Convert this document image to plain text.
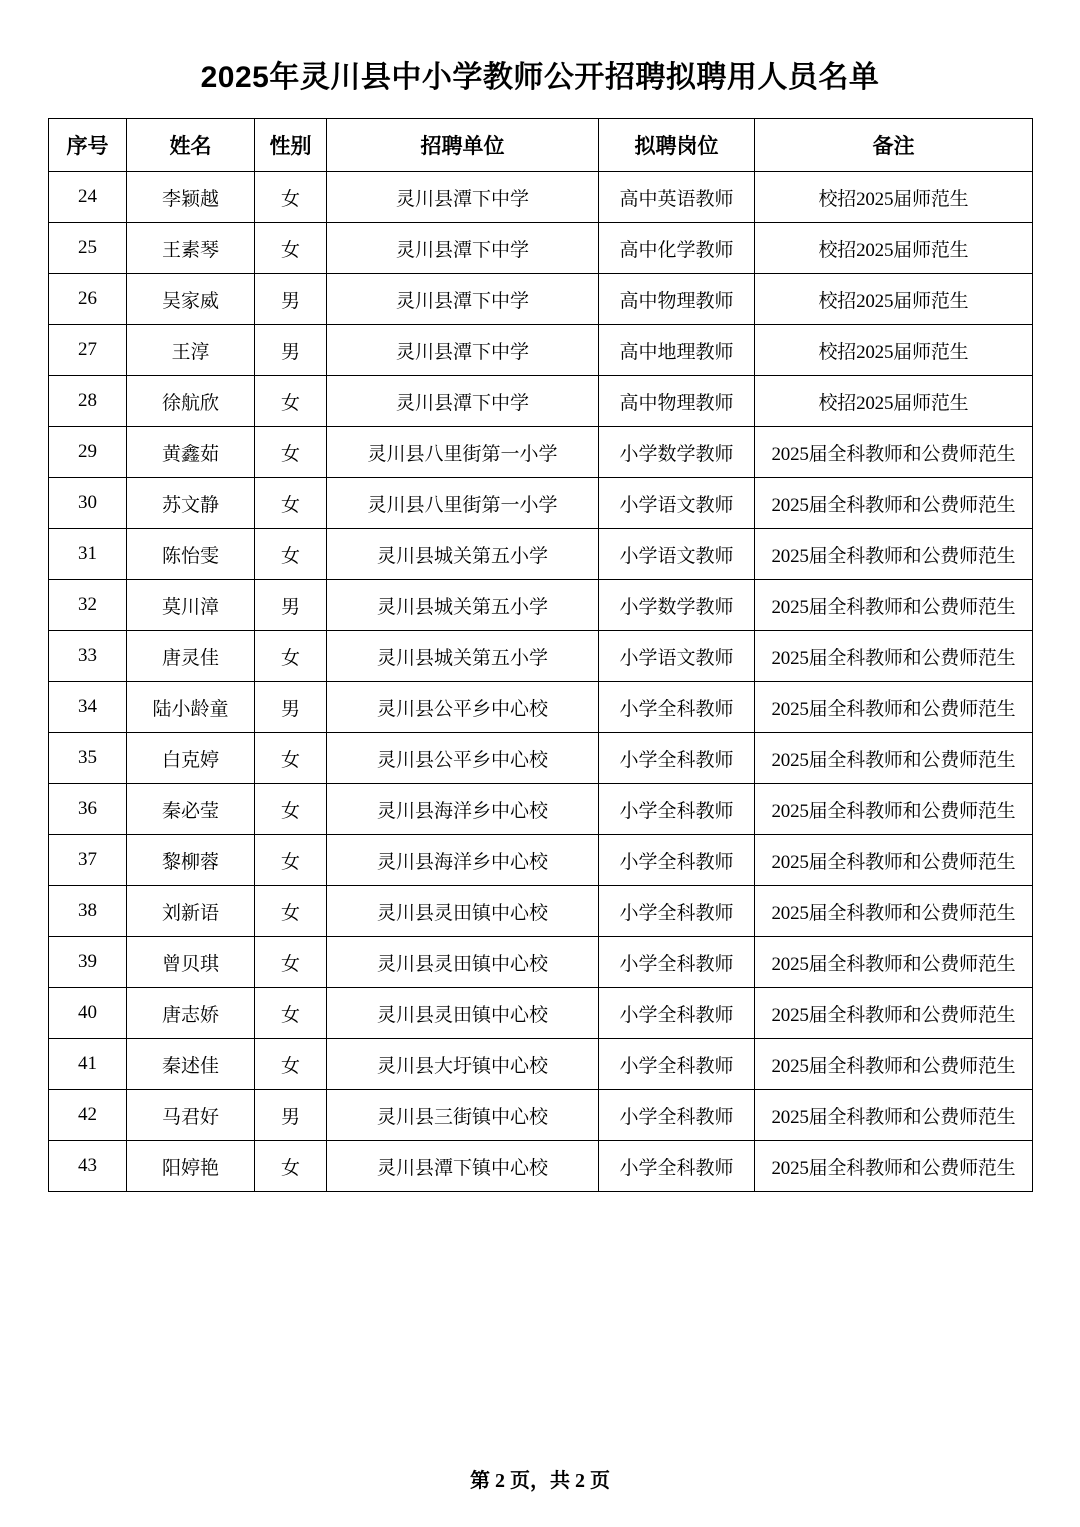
2025年灵川县中小学教师公开招聘拟聘用人员名单
序号	姓名	性别	招聘单位	拟聘岗位	备注
24	李颖越	女	灵川县潭下中学	高中英语教师	校招2025届师范生
25	王素琴	女	灵川县潭下中学	高中化学教师	校招2025届师范生
26	吴家威	男	灵川县潭下中学	高中物理教师	校招2025届师范生
27	王淳	男	灵川县潭下中学	高中地理教师	校招2025届师范生
28	徐航欣	女	灵川县潭下中学	高中物理教师	校招2025届师范生
29	黄鑫茹	女	灵川县八里街第一小学	小学数学教师	2025届全科教师和公费师范生
30	苏文静	女	灵川县八里街第一小学	小学语文教师	2025届全科教师和公费师范生
31	陈怡雯	女	灵川县城关第五小学	小学语文教师	2025届全科教师和公费师范生
32	莫川漳	男	灵川县城关第五小学	小学数学教师	2025届全科教师和公费师范生
33	唐灵佳	女	灵川县城关第五小学	小学语文教师	2025届全科教师和公费师范生
34	陆小龄童	男	灵川县公平乡中心校	小学全科教师	2025届全科教师和公费师范生
35	白克婷	女	灵川县公平乡中心校	小学全科教师	2025届全科教师和公费师范生
36	秦必莹	女	灵川县海洋乡中心校	小学全科教师	2025届全科教师和公费师范生
37	黎柳蓉	女	灵川县海洋乡中心校	小学全科教师	2025届全科教师和公费师范生
38	刘新语	女	灵川县灵田镇中心校	小学全科教师	2025届全科教师和公费师范生
39	曾贝琪	女	灵川县灵田镇中心校	小学全科教师	2025届全科教师和公费师范生
40	唐志娇	女	灵川县灵田镇中心校	小学全科教师	2025届全科教师和公费师范生
41	秦述佳	女	灵川县大圩镇中心校	小学全科教师	2025届全科教师和公费师范生
42	马君好	男	灵川县三街镇中心校	小学全科教师	2025届全科教师和公费师范生
43	阳婷艳	女	灵川县潭下镇中心校	小学全科教师	2025届全科教师和公费师范生
第 2 页，共 2 页
